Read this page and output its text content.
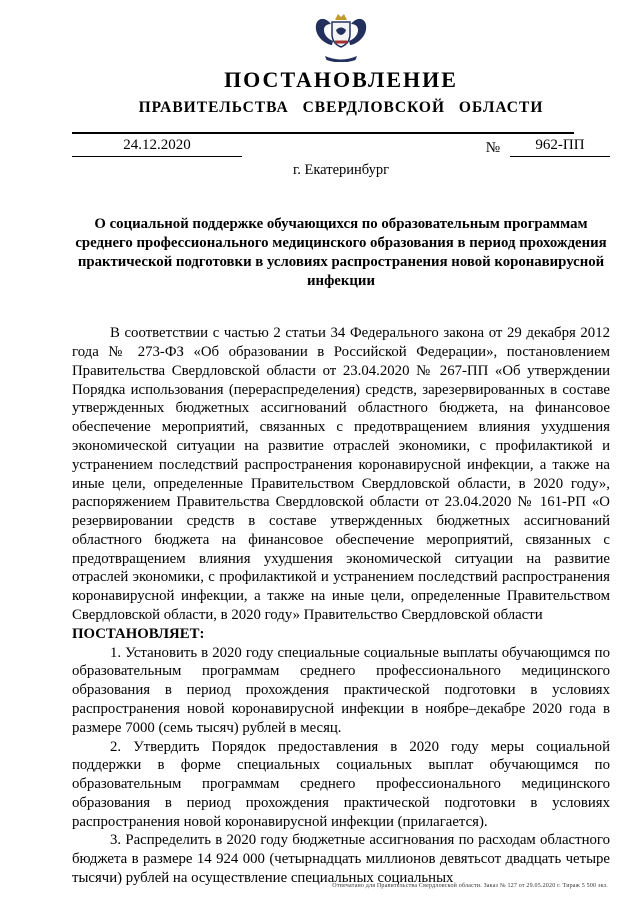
ПОСТАНОВЛЕНИЕ
ПРАВИТЕЛЬСТВА СВЕРДЛОВСКОЙ ОБЛАСТИ
24.12.2020	№	962-ПП
г. Екатеринбург
О социальной поддержке обучающихся по образовательным программам среднего профессионального медицинского образования в период прохождения практической подготовки в условиях распространения новой коронавирусной инфекции

В соответствии с частью 2 статьи 34 Федерального закона от 29 декабря 2012 года № 273-ФЗ «Об образовании в Российской Федерации», постановлением Правительства Свердловской области от 23.04.2020 № 267-ПП «Об утверждении Порядка использования (перераспределения) средств, зарезервированных в составе утвержденных бюджетных ассигнований областного бюджета, на финансовое обеспечение мероприятий, связанных с предотвращением влияния ухудшения экономической ситуации на развитие отраслей экономики, с профилактикой и устранением последствий распространения коронавирусной инфекции, а также на иные цели, определенные Правительством Свердловской области, в 2020 году», распоряжением Правительства Свердловской области от 23.04.2020 № 161-РП «О резервировании средств в составе утвержденных бюджетных ассигнований областного бюджета на финансовое обеспечение мероприятий, связанных с предотвращением влияния ухудшения экономической ситуации на развитие отраслей экономики, с профилактикой и устранением последствий распространения коронавирусной инфекции, а также на иные цели, определенные Правительством Свердловской области, в 2020 году» Правительство Свердловской области

ПОСТАНОВЛЯЕТ:

1. Установить в 2020 году специальные социальные выплаты обучающимся по образовательным программам среднего профессионального медицинского образования в период прохождения практической подготовки в условиях распространения новой коронавирусной инфекции в ноябре–декабре 2020 года в размере 7000 (семь тысяч) рублей в месяц.

2. Утвердить Порядок предоставления в 2020 году меры социальной поддержки в форме специальных социальных выплат обучающимся по образовательным программам среднего профессионального медицинского образования в период прохождения практической подготовки в условиях распространения новой коронавирусной инфекции (прилагается).

3. Распределить в 2020 году бюджетные ассигнования по расходам областного бюджета в размере 14 924 000 (четырнадцать миллионов девятьсот двадцать четыре тысячи) рублей на осуществление специальных социальных

Отпечатано для Правительства Свердловской области. Заказ № 127 от 29.05.2020 г. Тираж 5 500 экз.
